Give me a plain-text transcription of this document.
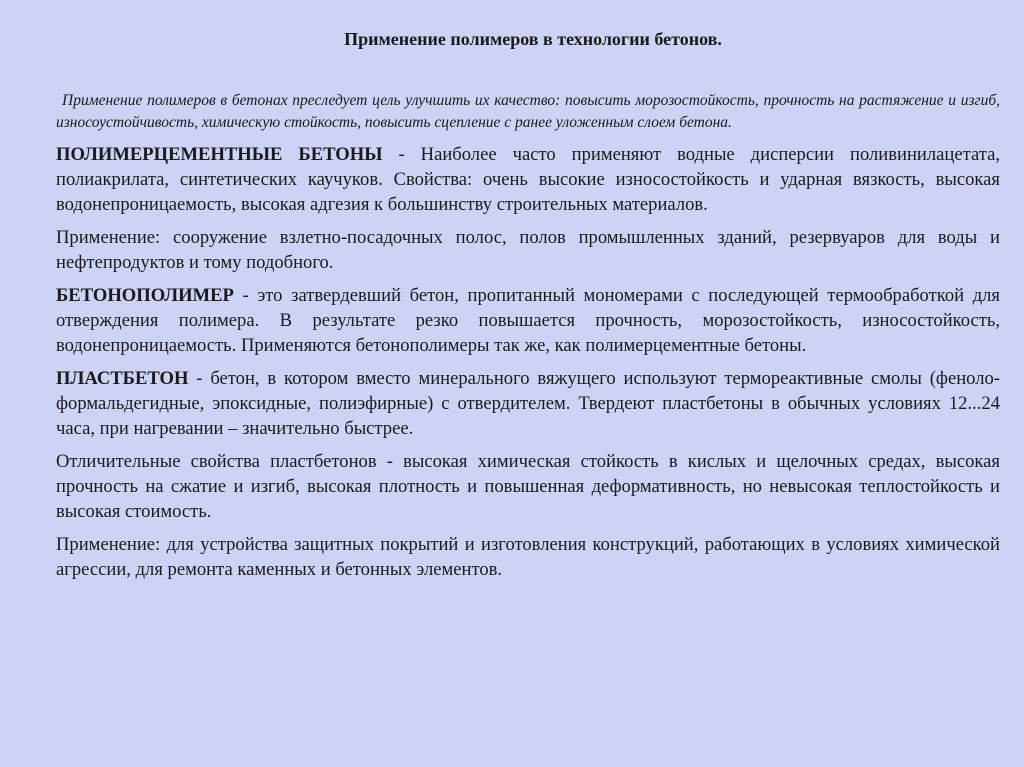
Применение полимеров в технологии бетонов.

Применение полимеров в бетонах преследует цель улучшить их качество: повысить морозостойкость, прочность на растяжение и изгиб, износоустойчивость, химическую стойкость, повысить сцепление с ранее уложенным слоем бетона.

ПОЛИМЕРЦЕМЕНТНЫЕ БЕТОНЫ - Наиболее часто применяют водные дисперсии поливинилацетата, полиакрилата, синтетических каучуков. Свойства: очень высокие износостойкость и ударная вязкость, высокая водонепроницаемость, высокая адгезия к большинству строительных материалов.

Применение: сооружение взлетно-посадочных полос, полов промышленных зданий, резервуаров для воды и нефтепродуктов и тому подобного.

БЕТОНОПОЛИМЕР - это затвердевший бетон, пропитанный мономерами с последующей термообработкой для отверждения полимера. В результате резко повышается прочность, морозостойкость, износостойкость, водонепроницаемость. Применяются бетонополимеры так же, как полимерцементные бетоны.

ПЛАСТБЕТОН - бетон, в котором вместо минерального вяжущего используют термореактивные смолы (феноло-формальдегидные, эпоксидные, полиэфирные) с отвердителем. Твердеют пластбетоны в обычных условиях 12...24 часа, при нагревании – значительно быстрее.

Отличительные свойства пластбетонов - высокая химическая стойкость в кислых и щелочных средах, высокая прочность на сжатие и изгиб, высокая плотность и повышенная деформативность, но невысокая теплостойкость и высокая стоимость.

Применение: для устройства защитных покрытий и изготовления конструкций, работающих в условиях химической агрессии, для ремонта каменных и бетонных элементов.
